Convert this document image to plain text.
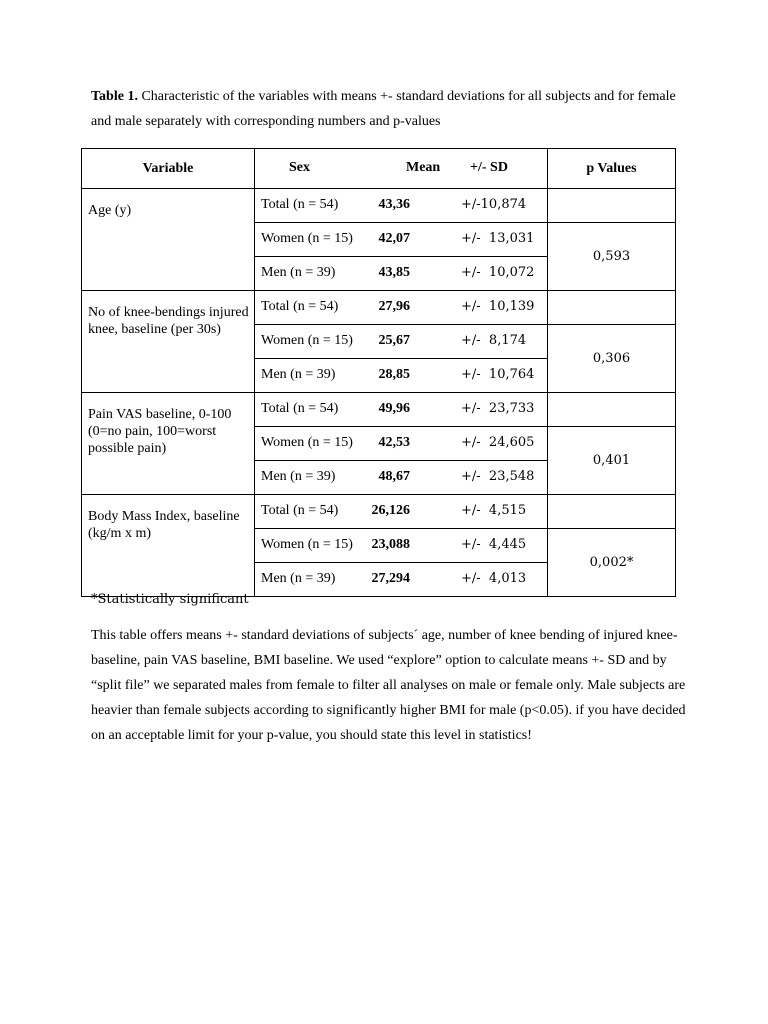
Table 1. Characteristic of the variables with means +- standard deviations for all subjects and for female and male separately with corresponding numbers and p-values
Variable	Sex Mean +/- SD	p Values
Age (y)	Total (n = 54) 43,36 +/-10,874	

	Women (n = 15) 42,07 +/-  13,031	0,593

	Men (n = 39) 43,85 +/-  10,072	

No of knee-bendings injured knee, baseline (per 30s)	Total (n = 54) 27,96 +/-  10,139	

	Women (n = 15) 25,67 +/-  8,174	0,306

	Men (n = 39) 28,85 +/-  10,764	

Pain VAS baseline, 0-100 (0=no pain, 100=worst possible pain)	Total (n = 54) 49,96 +/-  23,733	

	Women (n = 15) 42,53 +/-  24,605	0,401

	Men (n = 39) 48,67 +/-  23,548	

Body Mass Index, baseline (kg/m x m)	Total (n = 54) 26,126 +/-  4,515	

	Women (n = 15) 23,088 +/-  4,445	0,002*

	Men (n = 39) 27,294 +/-  4,013	
*Statistically significant
This table offers means +- standard deviations of subjects´ age, number of knee bending of injured knee-baseline, pain VAS baseline, BMI baseline. We used “explore” option to calculate means +- SD and by “split file” we separated males from female to filter all analyses on male or female only. Male subjects are heavier than female subjects according to significantly higher BMI for male (p<0.05). if you have decided on an acceptable limit for your p-value, you should state this level in statistics!
